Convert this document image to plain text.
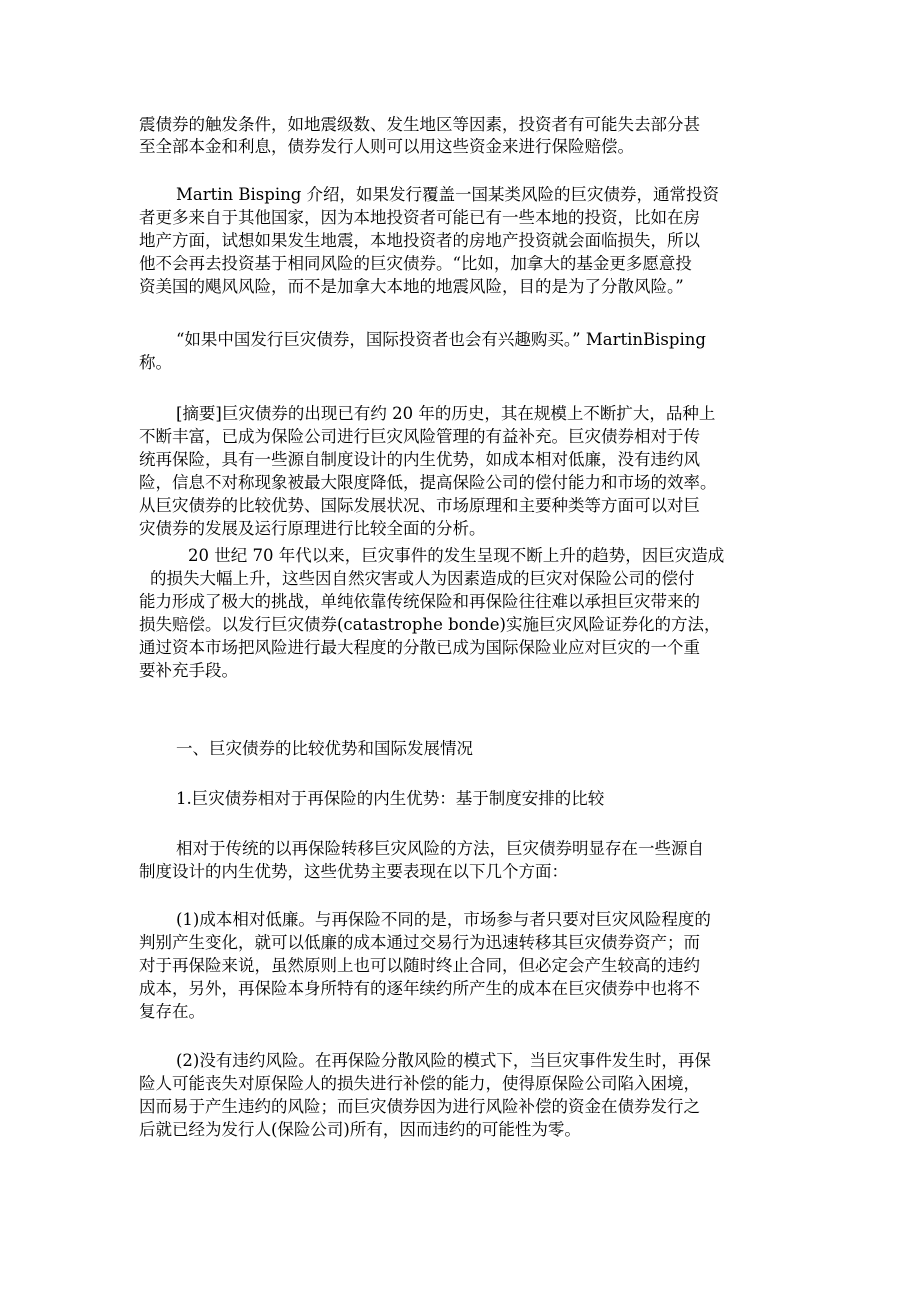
震债券的触发条件，如地震级数、发生地区等因素，投资者有可能失去部分甚
至全部本金和利息，债券发行人则可以用这些资金来进行保险赔偿。
Martin Bisping 介绍，如果发行覆盖一国某类风险的巨灾债券，通常投资
者更多来自于其他国家，因为本地投资者可能已有一些本地的投资，比如在房
地产方面，试想如果发生地震，本地投资者的房地产投资就会面临损失，所以
他不会再去投资基于相同风险的巨灾债券。“比如，加拿大的基金更多愿意投
资美国的飓风风险，而不是加拿大本地的地震风险，目的是为了分散风险。”
“如果中国发行巨灾债券，国际投资者也会有兴趣购买。” MartinBisping
称。
[摘要]巨灾债券的出现已有约 20 年的历史，其在规模上不断扩大，品种上
不断丰富，已成为保险公司进行巨灾风险管理的有益补充。巨灾债券相对于传
统再保险，具有一些源自制度设计的内生优势，如成本相对低廉，没有违约风
险，信息不对称现象被最大限度降低，提高保险公司的偿付能力和市场的效率。
从巨灾债券的比较优势、国际发展状况、市场原理和主要种类等方面可以对巨
灾债券的发展及运行原理进行比较全面的分析。
20 世纪 70 年代以来，巨灾事件的发生呈现不断上升的趋势，因巨灾造成
的损失大幅上升，这些因自然灾害或人为因素造成的巨灾对保险公司的偿付
能力形成了极大的挑战，单纯依靠传统保险和再保险往往难以承担巨灾带来的
损失赔偿。以发行巨灾债券(catastrophe bonde)实施巨灾风险证券化的方法，
通过资本市场把风险进行最大程度的分散已成为国际保险业应对巨灾的一个重
要补充手段。
一、巨灾债券的比较优势和国际发展情况
1.巨灾债券相对于再保险的内生优势：基于制度安排的比较
相对于传统的以再保险转移巨灾风险的方法，巨灾债券明显存在一些源自
制度设计的内生优势，这些优势主要表现在以下几个方面：
(1)成本相对低廉。与再保险不同的是，市场参与者只要对巨灾风险程度的
判别产生变化，就可以低廉的成本通过交易行为迅速转移其巨灾债券资产；而
对于再保险来说，虽然原则上也可以随时终止合同，但必定会产生较高的违约
成本，另外，再保险本身所特有的逐年续约所产生的成本在巨灾债券中也将不
复存在。
(2)没有违约风险。在再保险分散风险的模式下，当巨灾事件发生时，再保
险人可能丧失对原保险人的损失进行补偿的能力，使得原保险公司陷入困境，
因而易于产生违约的风险；而巨灾债券因为进行风险补偿的资金在债券发行之
后就已经为发行人(保险公司)所有，因而违约的可能性为零。
